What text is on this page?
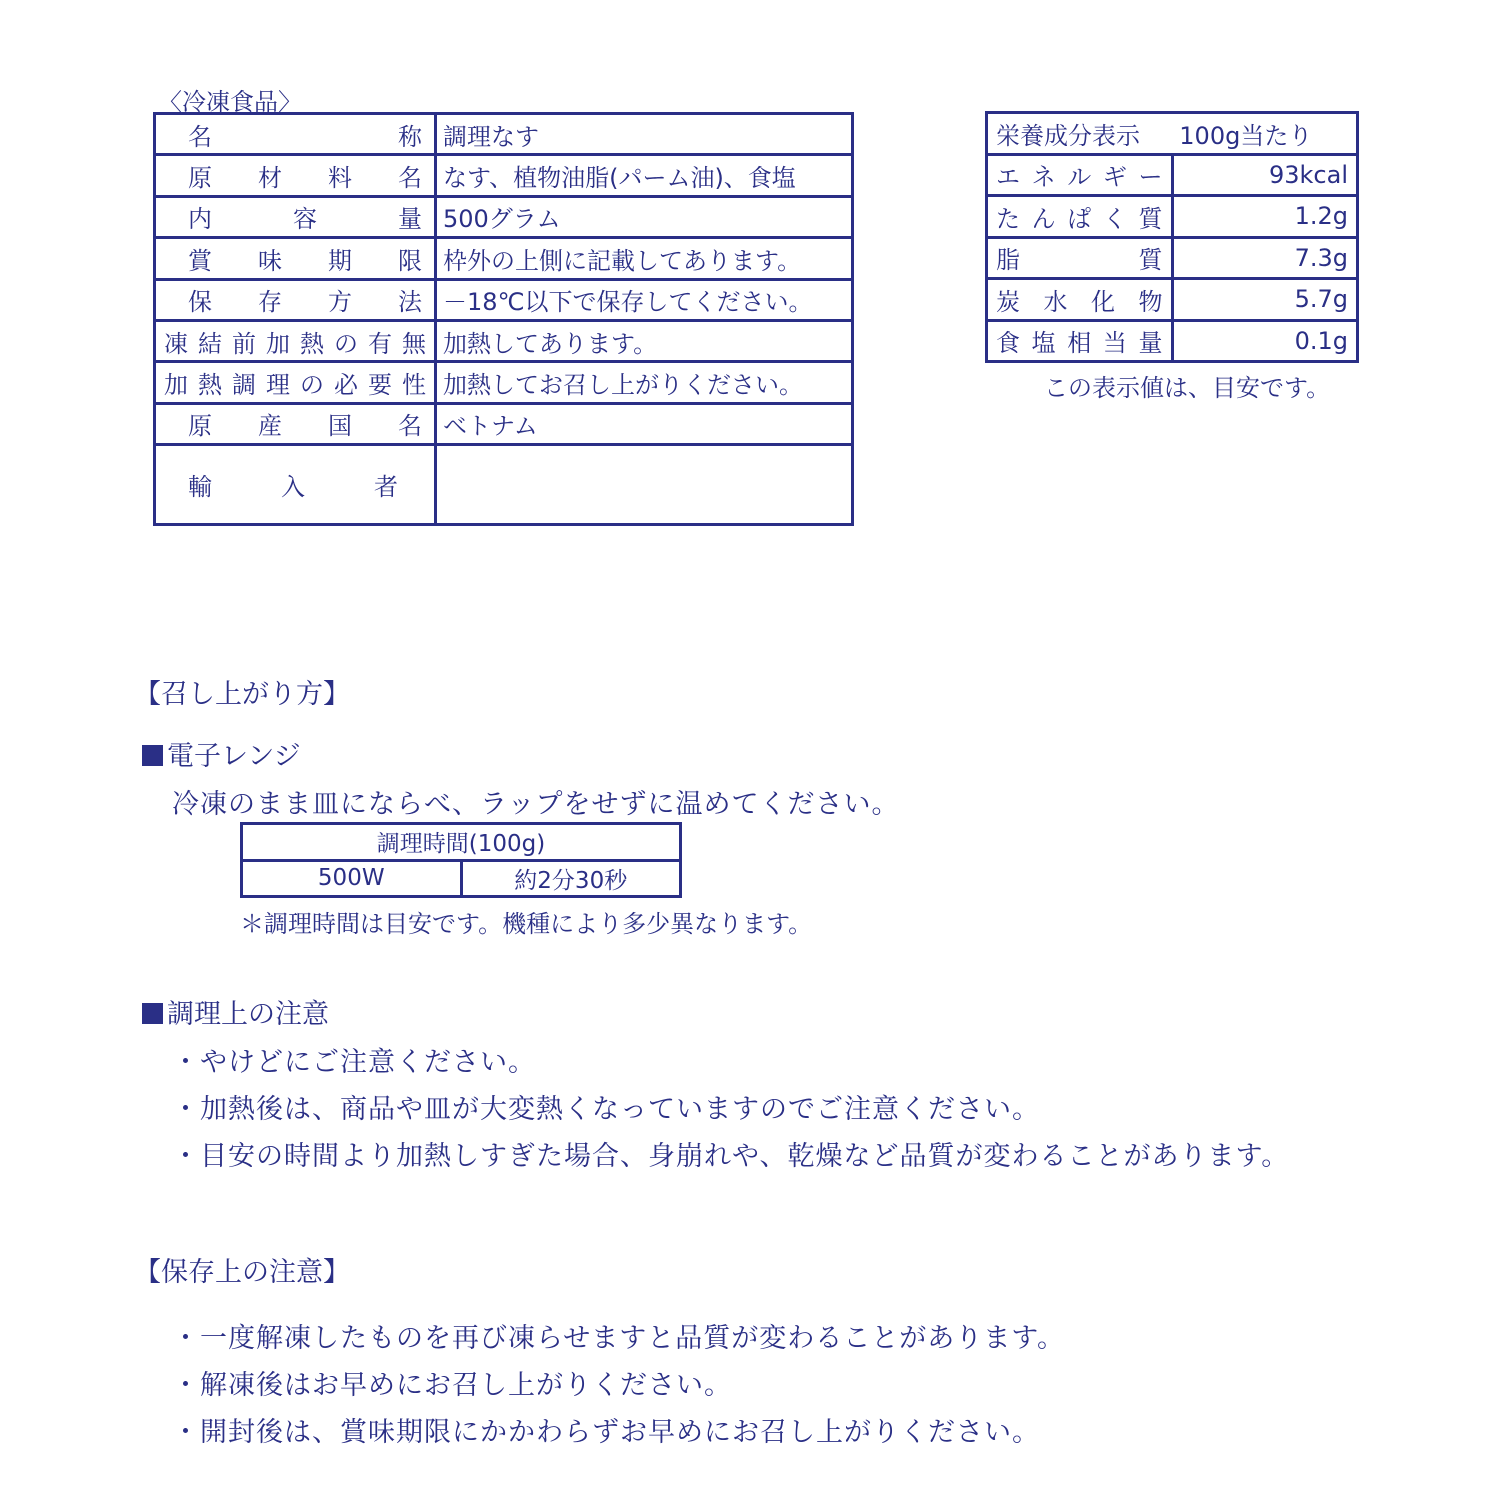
〈冷凍食品〉
名　称	調理なす
原材料名	なす、植物油脂(パーム油)、食塩
内容量	500グラム
賞味期限	枠外の上側に記載してあります。
保存方法	－18℃以下で保存してください。
凍結前加熱の有無	加熱してあります。
加熱調理の必要性	加熱してお召し上がりください。
原産国名	ベトナム
輸入者	
栄養成分表示 100g当たり	
エネルギー	93kcal
たんぱく質	1.2g
脂質	7.3g
炭水化物	5.7g
食塩相当量	0.1g
この表示値は、目安です。
【召し上がり方】
電子レンジ
冷凍のまま皿にならべ、ラップをせずに温めてください。
調理時間(100g)
500W	約2分30秒
＊調理時間は目安です。機種により多少異なります。
調理上の注意
・やけどにご注意ください。
・加熱後は、商品や皿が大変熱くなっていますのでご注意ください。
・目安の時間より加熱しすぎた場合、身崩れや、乾燥など品質が変わることがあります。
【保存上の注意】
・一度解凍したものを再び凍らせますと品質が変わることがあります。
・解凍後はお早めにお召し上がりください。
・開封後は、賞味期限にかかわらずお早めにお召し上がりください。
